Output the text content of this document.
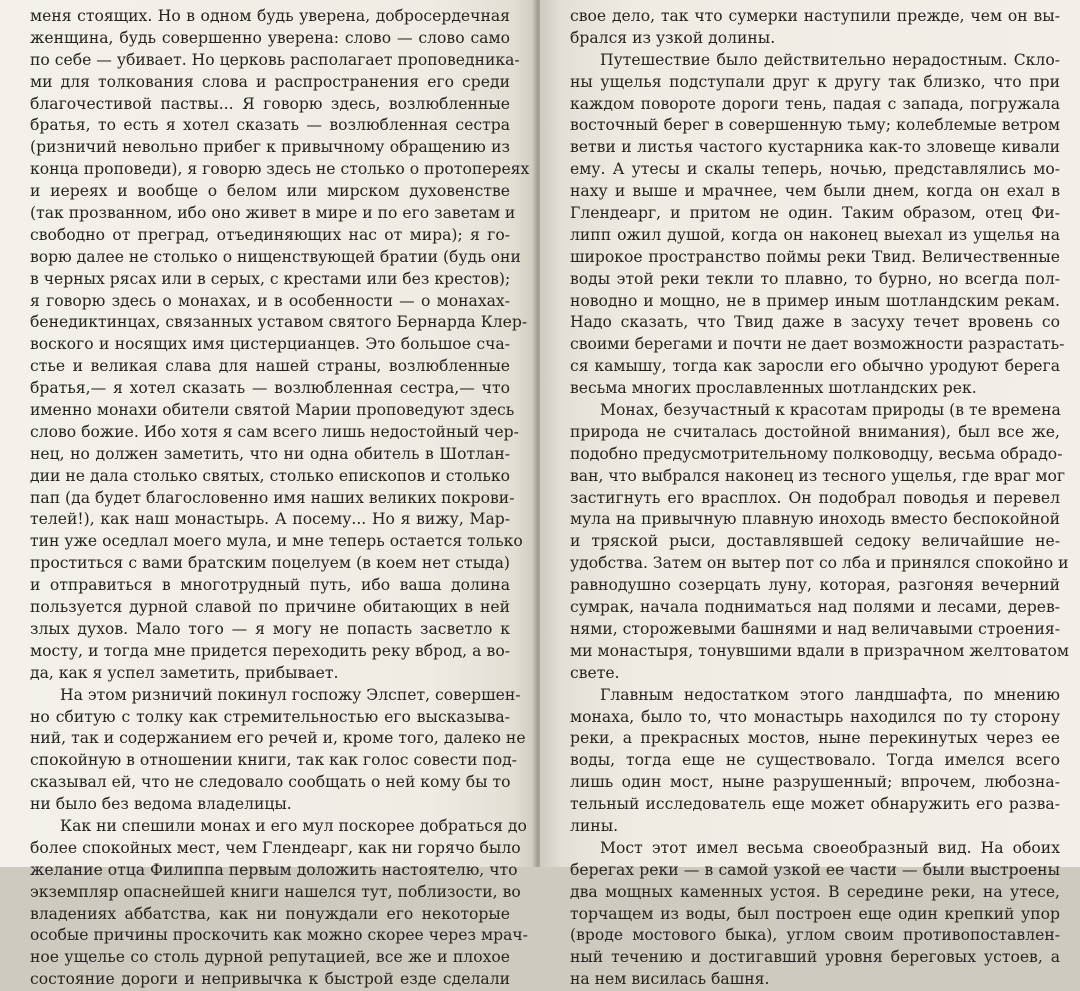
меня стоящих. Но в одном будь уверена, добросердечная
женщина, будь совершенно уверена: слово — слово само
по себе — убивает. Но церковь располагает проповедника-
ми для толкования слова и распространения его среди
благочестивой паствы... Я говорю здесь, возлюбленные
братья, то есть я хотел сказать — возлюбленная сестра
(ризничий невольно прибег к привычному обращению из
конца проповеди), я говорю здесь не столько о протопереях
и иереях и вообще о белом или мирском духовенстве
(так прозванном, ибо оно живет в мире и по его заветам и
свободно от преград, отъединяющих нас от мира); я го-
ворю далее не столько о нищенствующей братии (будь они
в черных рясах или в серых, с крестами или без крестов);
я говорю здесь о монахах, и в особенности — о монахах-
бенедиктинцах, связанных уставом святого Бернарда Клер-
воского и носящих имя цистерцианцев. Это большое сча-
стье и великая слава для нашей страны, возлюбленные
братья,— я хотел сказать — возлюбленная сестра,— что
именно монахи обители святой Марии проповедуют здесь
слово божие. Ибо хотя я сам всего лишь недостойный чер-
нец, но должен заметить, что ни одна обитель в Шотлан-
дии не дала столько святых, столько епископов и столько
пап (да будет благословенно имя наших великих покрови-
телей!), как наш монастырь. А посему... Но я вижу, Мар-
тин уже оседлал моего мула, и мне теперь остается только
проститься с вами братским поцелуем (в коем нет стыда)
и отправиться в многотрудный путь, ибо ваша долина
пользуется дурной славой по причине обитающих в ней
злых духов. Мало того — я могу не попасть засветло к
мосту, и тогда мне придется переходить реку вброд, а во-
да, как я успел заметить, прибывает.
На этом ризничий покинул госпожу Элспет, совершен-
но сбитую с толку как стремительностью его высказыва-
ний, так и содержанием его речей и, кроме того, далеко не
спокойную в отношении книги, так как голос совести под-
сказывал ей, что не следовало сообщать о ней кому бы то
ни было без ведома владелицы.
Как ни спешили монах и его мул поскорее добраться до
более спокойных мест, чем Глендеарг, как ни горячо было
желание отца Филиппа первым доложить настоятелю, что
экземпляр опаснейшей книги нашелся тут, поблизости, во
владениях аббатства, как ни понуждали его некоторые
особые причины проскочить как можно скорее через мрач-
ное ущелье со столь дурной репутацией, все же и плохое
состояние дороги и непривычка к быстрой езде сделали
свое дело, так что сумерки наступили прежде, чем он вы-
брался из узкой долины.
Путешествие было действительно нерадостным. Скло-
ны ущелья подступали друг к другу так близко, что при
каждом повороте дороги тень, падая с запада, погружала
восточный берег в совершенную тьму; колеблемые ветром
ветви и листья частого кустарника как-то зловеще кивали
ему. А утесы и скалы теперь, ночью, представлялись мо-
наху и выше и мрачнее, чем были днем, когда он ехал в
Глендеарг, и притом не один. Таким образом, отец Фи-
липп ожил душой, когда он наконец выехал из ущелья на
широкое пространство поймы реки Твид. Величественные
воды этой реки текли то плавно, то бурно, но всегда пол-
новодно и мощно, не в пример иным шотландским рекам.
Надо сказать, что Твид даже в засуху течет вровень со
своими берегами и почти не дает возможности разрастать-
ся камышу, тогда как заросли его обычно уродуют берега
весьма многих прославленных шотландских рек.
Монах, безучастный к красотам природы (в те времена
природа не считалась достойной внимания), был все же,
подобно предусмотрительному полководцу, весьма обрадо-
ван, что выбрался наконец из тесного ущелья, где враг мог
застигнуть его врасплох. Он подобрал поводья и перевел
мула на привычную плавную иноходь вместо беспокойной
и тряской рыси, доставлявшей седоку величайшие не-
удобства. Затем он вытер пот со лба и принялся спокойно и
равнодушно созерцать луну, которая, разгоняя вечерний
сумрак, начала подниматься над полями и лесами, дерев-
нями, сторожевыми башнями и над величавыми строения-
ми монастыря, тонувшими вдали в призрачном желтоватом
свете.
Главным недостатком этого ландшафта, по мнению
монаха, было то, что монастырь находился по ту сторону
реки, а прекрасных мостов, ныне перекинутых через ее
воды, тогда еще не существовало. Тогда имелся всего
лишь один мост, ныне разрушенный; впрочем, любозна-
тельный исследователь еще может обнаружить его развa-
лины.
Мост этот имел весьма своеобразный вид. На обоих
берегах реки — в самой узкой ее части — были выстроены
два мощных каменных устоя. В середине реки, на утесе,
торчащем из воды, был построен еще один крепкий упор
(вроде мостового быка), углом своим противопоставлен-
ный течению и достигавший уровня береговых устоев, а
на нем висилась башня.
